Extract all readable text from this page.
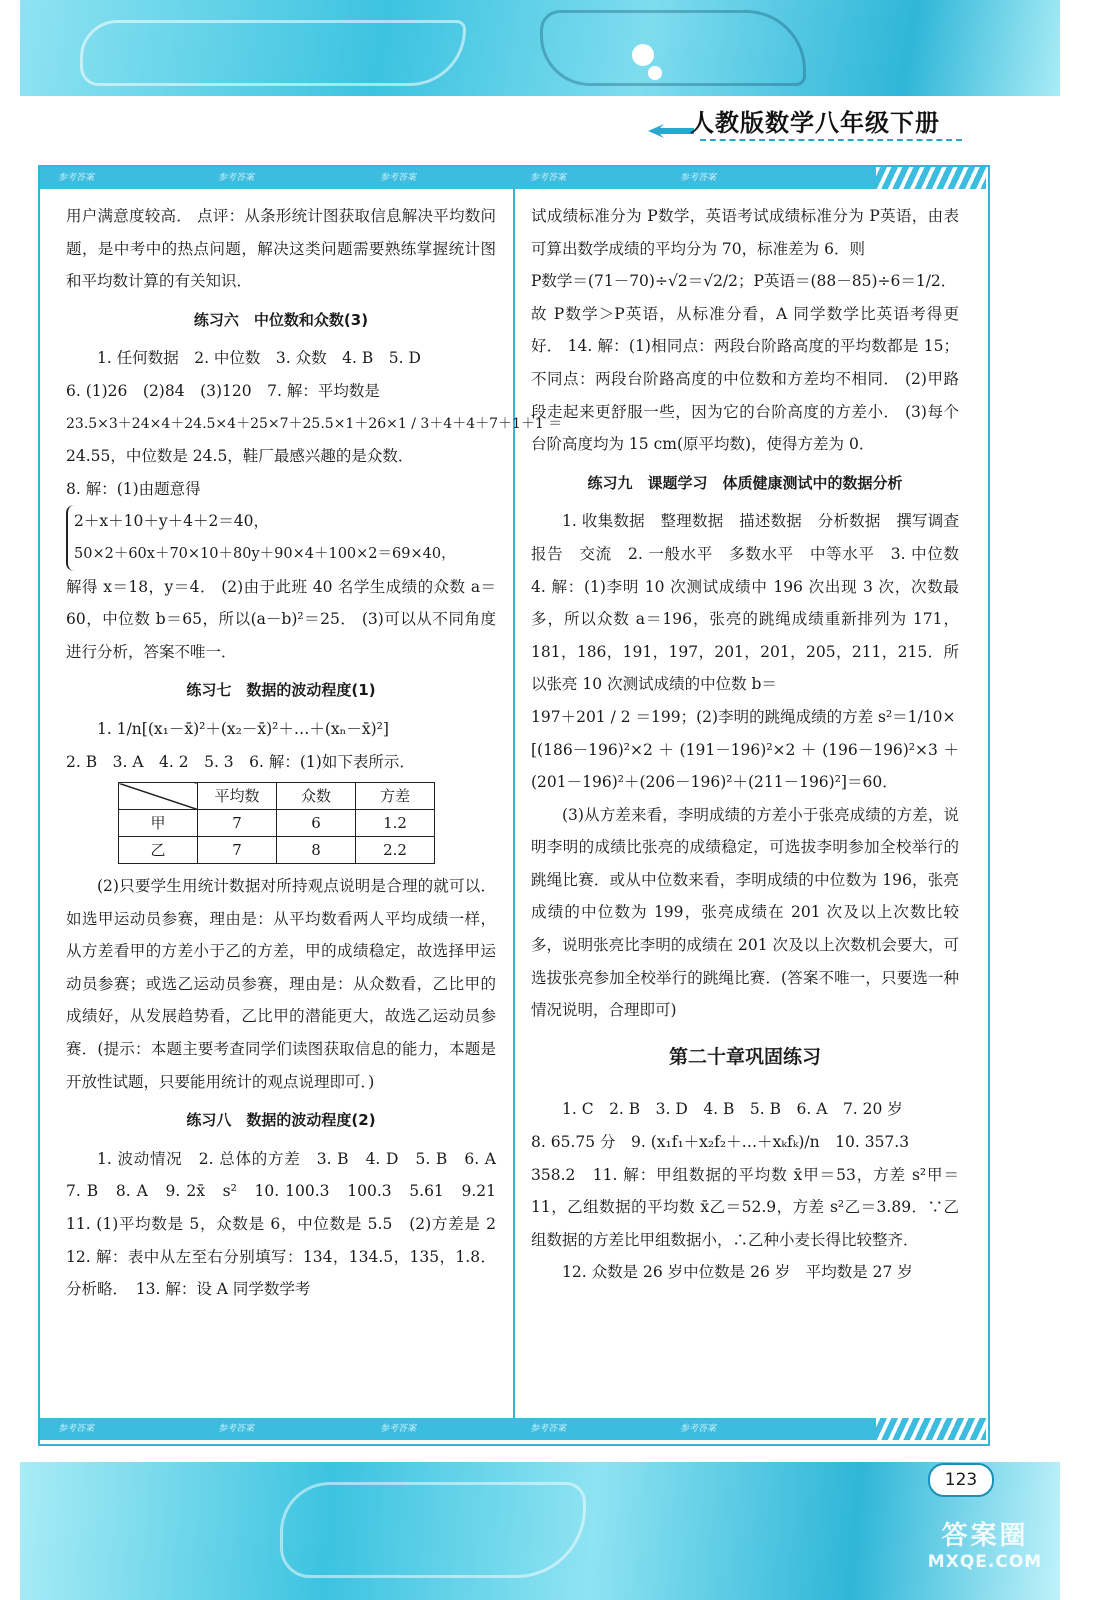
人教版数学八年级下册
参考答案	参考答案	参考答案	参考答案	参考答案

用户满意度较高． 点评：从条形统计图获取信息解决平均数问题，是中考中的热点问题，解决这类问题需要熟练掌握统计图和平均数计算的有关知识．

练习六　中位数和众数(3)

1. 任何数据　2. 中位数　3. 众数　4. B　5. D

6. (1)26　(2)84　(3)120　7. 解：平均数是

23.5×3＋24×4＋24.5×4＋25×7＋25.5×1＋26×1 / 3＋4＋4＋7＋1＋1 ＝

24.55，中位数是 24.5，鞋厂最感兴趣的是众数．

8. 解：(1)由题意得

2＋x＋10＋y＋4＋2＝40，

50×2＋60x＋70×10＋80y＋90×4＋100×2＝69×40，

解得 x＝18，y＝4． (2)由于此班 40 名学生成绩的众数 a＝60，中位数 b＝65，所以(a－b)²＝25． (3)可以从不同角度进行分析，答案不唯一．

练习七　数据的波动程度(1)

1. 1/n[(x₁－x̄)²＋(x₂－x̄)²＋…＋(xₙ－x̄)²]

2. B　3. A　4. 2　5. 3　6. 解：(1)如下表所示．

	平均数	众数	方差
甲	7	6	1.2
乙	7	8	2.2

(2)只要学生用统计数据对所持观点说明是合理的就可以．如选甲运动员参赛，理由是：从平均数看两人平均成绩一样，从方差看甲的方差小于乙的方差，甲的成绩稳定，故选择甲运动员参赛；或选乙运动员参赛，理由是：从众数看，乙比甲的成绩好，从发展趋势看，乙比甲的潜能更大，故选乙运动员参赛．(提示：本题主要考查同学们读图获取信息的能力，本题是开放性试题，只要能用统计的观点说理即可．)

练习八　数据的波动程度(2)

1. 波动情况　2. 总体的方差　3. B　4. D　5. B　6. A　7. B　8. A　9. 2x̄　s²　10. 100.3　100.3　5.61　9.21　11. (1)平均数是 5，众数是 6，中位数是 5.5　(2)方差是 2　12. 解：表中从左至右分别填写：134，134.5，135，1.8．分析略．　13. 解：设 A 同学数学考

试成绩标准分为 P数学，英语考试成绩标准分为 P英语，由表可算出数学成绩的平均分为 70，标准差为 6．则

P数学＝(71－70)÷√2＝√2/2；P英语＝(88－85)÷6＝1/2．

故 P数学＞P英语，从标准分看，A 同学数学比英语考得更好． 14. 解：(1)相同点：两段台阶路高度的平均数都是 15；不同点：两段台阶路高度的中位数和方差均不相同． (2)甲路段走起来更舒服一些，因为它的台阶高度的方差小． (3)每个台阶高度均为 15 cm(原平均数)，使得方差为 0．

练习九　课题学习　体质健康测试中的数据分析

1. 收集数据　整理数据　描述数据　分析数据　撰写调查报告　交流　2. 一般水平　多数水平　中等水平　3. 中位数　4. 解：(1)李明 10 次测试成绩中 196 次出现 3 次，次数最多，所以众数 a＝196，张亮的跳绳成绩重新排列为 171，181，186，191，197，201，201，205，211，215．所以张亮 10 次测试成绩的中位数 b＝

197＋201 / 2 ＝199；(2)李明的跳绳成绩的方差 s²＝1/10×

[(186－196)²×2＋(191－196)²×2＋(196－196)²×3＋(201－196)²＋(206－196)²＋(211－196)²]＝60．

(3)从方差来看，李明成绩的方差小于张亮成绩的方差，说明李明的成绩比张亮的成绩稳定，可选拔李明参加全校举行的跳绳比赛．或从中位数来看，李明成绩的中位数为 196，张亮成绩的中位数为 199，张亮成绩在 201 次及以上次数比较多，说明张亮比李明的成绩在 201 次及以上次数机会要大，可选拔张亮参加全校举行的跳绳比赛．(答案不唯一，只要选一种情况说明，合理即可)

第二十章巩固练习

1. C　2. B　3. D　4. B　5. B　6. A　7. 20 岁

8. 65.75 分　9. (x₁f₁＋x₂f₂＋…＋xₖfₖ)/n　10. 357.3

358.2　11. 解：甲组数据的平均数 x̄甲＝53，方差 s²甲＝11，乙组数据的平均数 x̄乙＝52.9，方差 s²乙＝3.89．∵乙组数据的方差比甲组数据小，∴乙种小麦长得比较整齐．

12. 众数是 26 岁中位数是 26 岁　平均数是 27 岁

参考答案	参考答案	参考答案	参考答案	参考答案
123
答案圈
MXQE.COM
